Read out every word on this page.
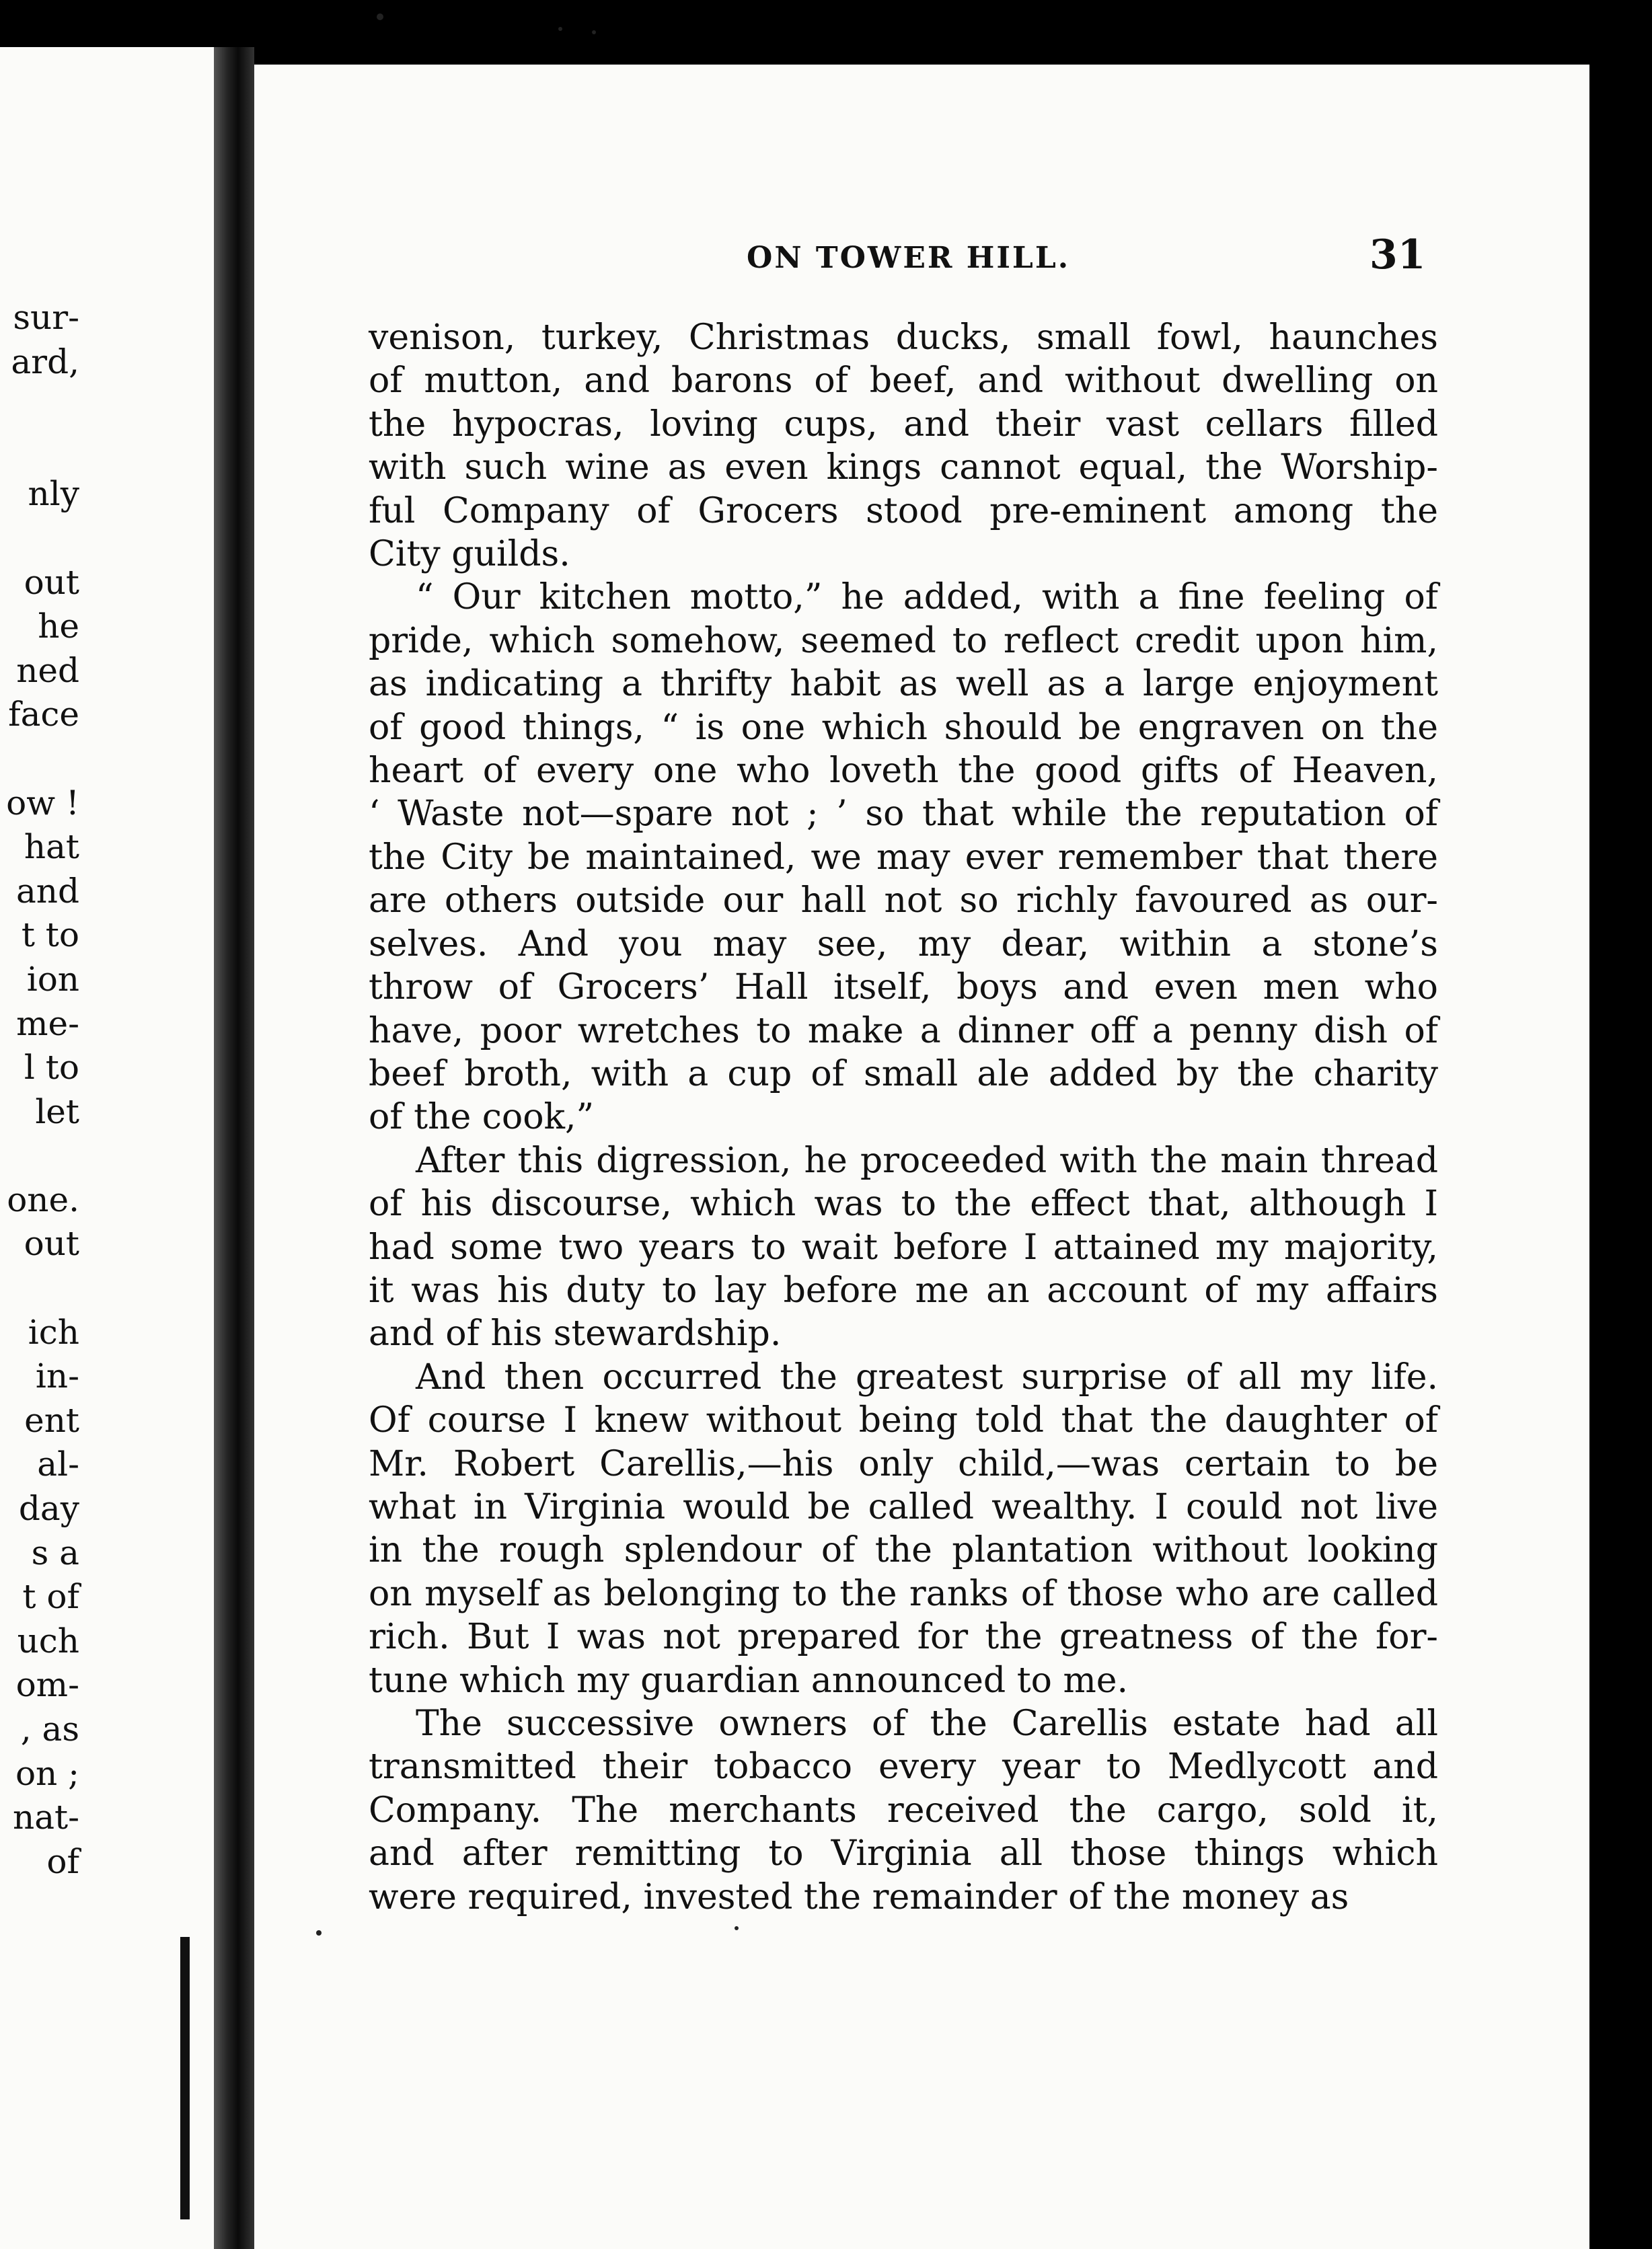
sur-
ard,

nly

out
he
ned
face

ow !
hat
and
t to
ion
me-
l to
let

one.
out

ich
in-
ent
al-
day
s a
t of
uch
om-
, as
on ;
nat-
of
ON TOWER HILL.	31
venison, turkey, Christmas ducks, small fowl, haunches
of mutton, and barons of beef, and without dwelling on
the hypocras, loving cups, and their vast cellars filled
with such wine as even kings cannot equal, the Worship-
ful Company of Grocers stood pre-eminent among the
City guilds.
“ Our kitchen motto,” he added, with a fine feeling of
pride, which somehow, seemed to reflect credit upon him,
as indicating a thrifty habit as well as a large enjoyment
of good things, “ is one which should be engraven on the
heart of every one who loveth the good gifts of Heaven,
‘ Waste not—spare not ; ’ so that while the reputation of
the City be maintained, we may ever remember that there
are others outside our hall not so richly favoured as our-
selves. And you may see, my dear, within a stone’s
throw of Grocers’ Hall itself, boys and even men who
have, poor wretches to make a dinner off a penny dish of
beef broth, with a cup of small ale added by the charity
of the cook,”
After this digression, he proceeded with the main thread
of his discourse, which was to the effect that, although I
had some two years to wait before I attained my majority,
it was his duty to lay before me an account of my affairs
and of his stewardship.
And then occurred the greatest surprise of all my life.
Of course I knew without being told that the daughter of
Mr. Robert Carellis,—his only child,—was certain to be
what in Virginia would be called wealthy. I could not live
in the rough splendour of the plantation without looking
on myself as belonging to the ranks of those who are called
rich. But I was not prepared for the greatness of the for-
tune which my guardian announced to me.
The successive owners of the Carellis estate had all
transmitted their tobacco every year to Medlycott and
Company. The merchants received the cargo, sold it,
and after remitting to Virginia all those things which
were required, invested the remainder of the money as
